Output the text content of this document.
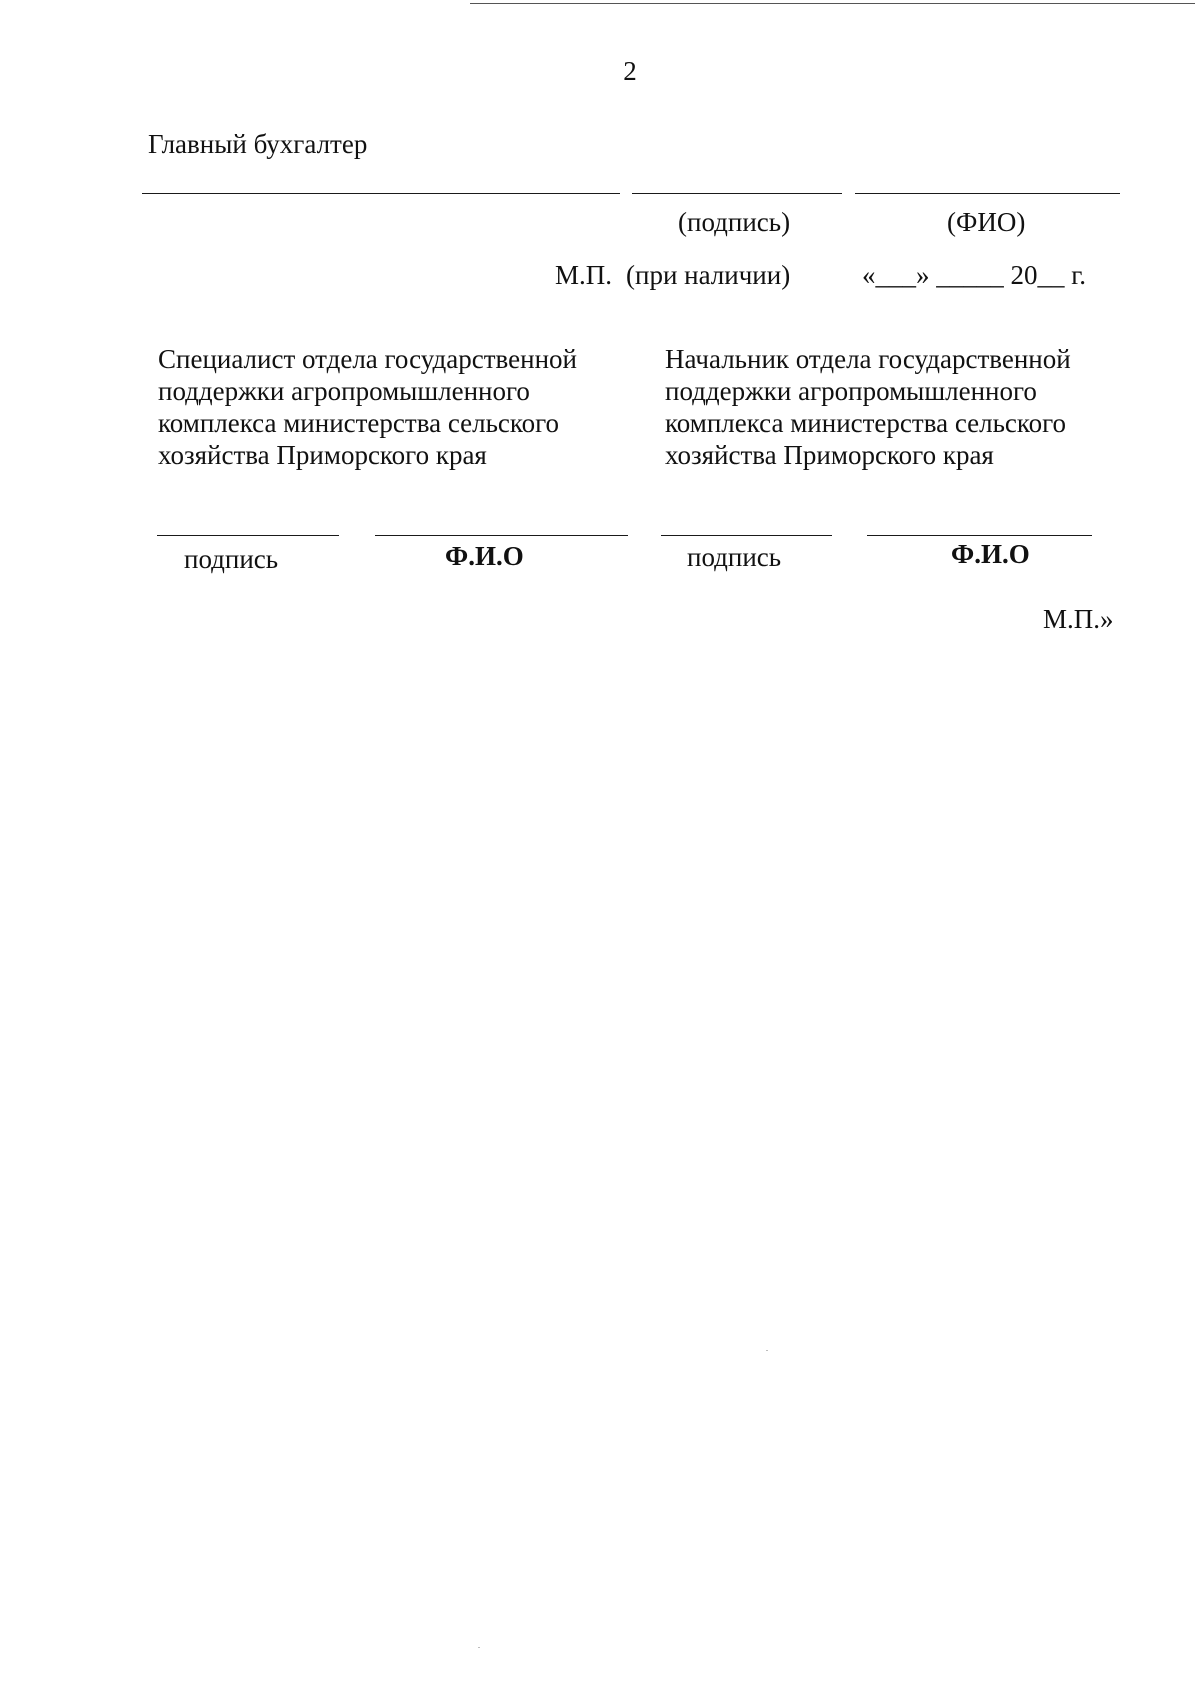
2
Главный бухгалтер
(подпись)	(ФИО)
М.П. (при наличии)	«___» _____ 20__ г.
Специалист отдела государственной поддержки агропромышленного комплекса министерства сельского хозяйства Приморского края
Начальник отдела государственной поддержки агропромышленного комплекса министерства сельского хозяйства Приморского края
подпись	Ф.И.О	подпись	Ф.И.О
М.П.»
